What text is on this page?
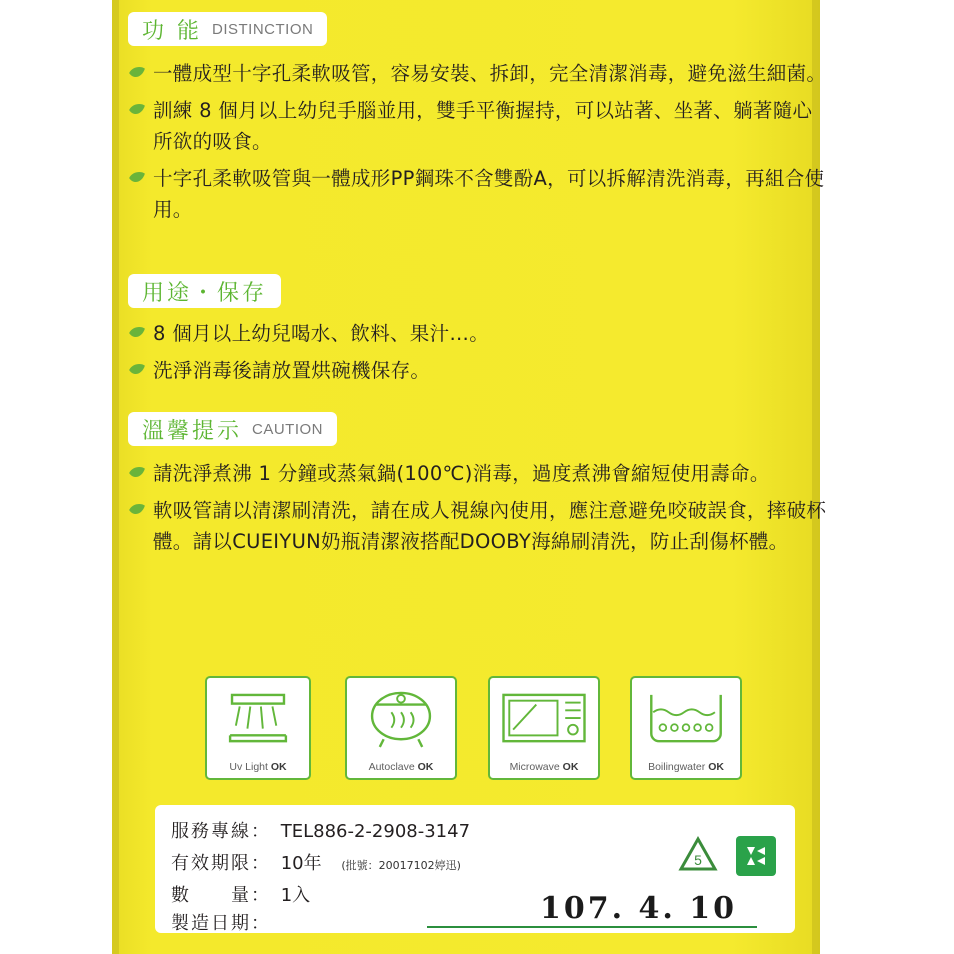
功 能 DISTINCTION
一體成型十字孔柔軟吸管，容易安裝、拆卸，完全清潔消毒，避免滋生細菌。
訓練 8 個月以上幼兒手腦並用，雙手平衡握持，可以站著、坐著、躺著隨心所欲的吸食。
十字孔柔軟吸管與一體成形PP鋼珠不含雙酚A，可以拆解清洗消毒，再組合使用。
用途・保存
8 個月以上幼兒喝水、飲料、果汁…。
洗淨消毒後請放置烘碗機保存。
溫馨提示 CAUTION
請洗淨煮沸 1 分鐘或蒸氣鍋(100℃)消毒，過度煮沸會縮短使用壽命。
軟吸管請以清潔刷清洗，請在成人視線內使用，應注意避免咬破誤食，摔破杯體。請以CUEIYUN奶瓶清潔液搭配DOOBY海綿刷清洗，防止刮傷杯體。
Uv Light OK	Autoclave OK	Microwave OK	Boilingwater OK
服務專線： TEL886-2-2908-3147
有效期限： 10年 (批號：20017102婷迅)
數　　量： 1入
製造日期：	107. 4. 10
5
